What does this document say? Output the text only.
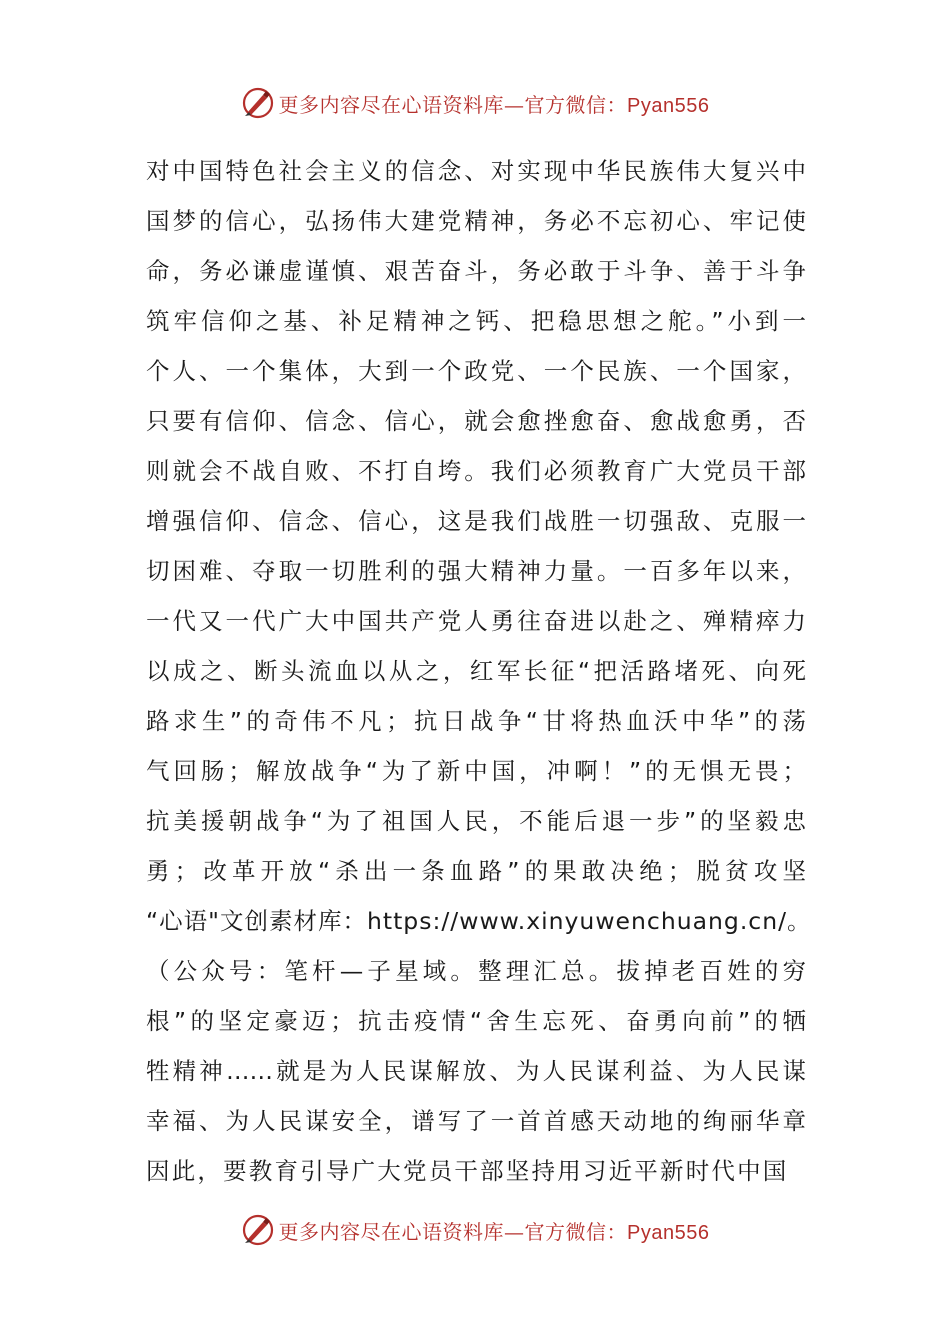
更多内容尽在心语资料库—官方微信：Pyan556
对中国特色社会主义的信念、对实现中华民族伟大复兴中
国梦的信心，弘扬伟大建党精神，务必不忘初心、牢记使
命，务必谦虚谨慎、艰苦奋斗，务必敢于斗争、善于斗争
筑牢信仰之基、补足精神之钙、把稳思想之舵。”小到一
个人、一个集体，大到一个政党、一个民族、一个国家，
只要有信仰、信念、信心，就会愈挫愈奋、愈战愈勇，否
则就会不战自败、不打自垮。我们必须教育广大党员干部
增强信仰、信念、信心，这是我们战胜一切强敌、克服一
切困难、夺取一切胜利的强大精神力量。一百多年以来，
一代又一代广大中国共产党人勇往奋进以赴之、殚精瘁力
以成之、断头流血以从之，红军长征“把活路堵死、向死
路求生”的奇伟不凡；抗日战争“甘将热血沃中华”的荡
气回肠；解放战争“为了新中国，冲啊！”的无惧无畏；
抗美援朝战争“为了祖国人民，不能后退一步”的坚毅忠
勇；改革开放“杀出一条血路”的果敢决绝；脱贫攻坚
“心语"文创素材库：https://www.xinyuwenchuang.cn/。
（公众号：笔杆—子星域。整理汇总。拔掉老百姓的穷
根”的坚定豪迈；抗击疫情“舍生忘死、奋勇向前”的牺
牲精神……就是为人民谋解放、为人民谋利益、为人民谋
幸福、为人民谋安全，谱写了一首首感天动地的绚丽华章
因此，要教育引导广大党员干部坚持用习近平新时代中国
更多内容尽在心语资料库—官方微信：Pyan556
